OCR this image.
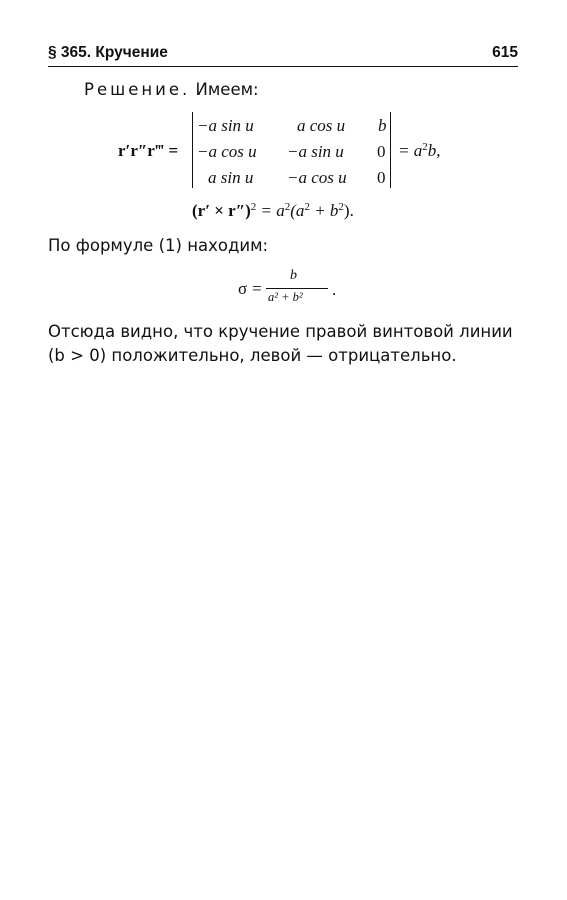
§ 365. Кручение	615
Решение. Имеем:
r′r″r‴ =
−a sin u	a cos u b
−a cos u −a sin u 0
a sin u −a cos u 0
= $a^2b$,
$(r' \times r'')^2 = a^2(a^2 + b^2)$.
По формуле (1) находим:
σ =
b
a² + b² .
Отсюда видно, что кручение правой винтовой линии
(b > 0) положительно, левой — отрицательно.
